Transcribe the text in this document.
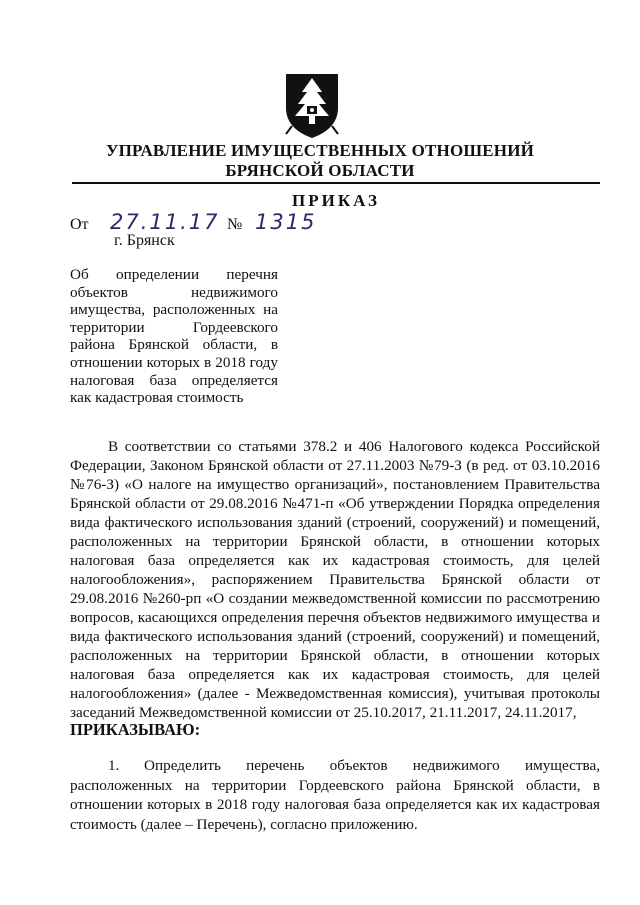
УПРАВЛЕНИЕ ИМУЩЕСТВЕННЫХ ОТНОШЕНИЙ
БРЯНСКОЙ ОБЛАСТИ
ПРИКАЗ
От 27.11.17 № 1315
г. Брянск
Об определении перечня объектов недвижимого имущества, расположенных на территории Гордеевского района Брянской области, в отношении которых в 2018 году налоговая база определяется как кадастровая стоимость
В соответствии со статьями 378.2 и 406 Налогового кодекса Российской Федерации, Законом Брянской области от 27.11.2003 №79-З (в ред. от 03.10.2016 №76-З) «О налоге на имущество организаций», постановлением Правительства Брянской области от 29.08.2016 №471-п «Об утверждении Порядка определения вида фактического использования зданий (строений, сооружений) и помещений, расположенных на территории Брянской области, в отношении которых налоговая база определяется как их кадастровая стоимость, для целей налогообложения», распоряжением Правительства Брянской области от 29.08.2016 №260-рп «О создании межведомственной комиссии по рассмотрению вопросов, касающихся определения перечня объектов недвижимого имущества и вида фактического использования зданий (строений, сооружений) и помещений, расположенных на территории Брянской области, в отношении которых налоговая база определяется как их кадастровая стоимость, для целей налогообложения» (далее - Межведомственная комиссия), учитывая протоколы заседаний Межведомственной комиссии от 25.10.2017, 21.11.2017, 24.11.2017,
ПРИКАЗЫВАЮ:
1. Определить перечень объектов недвижимого имущества, расположенных на территории Гордеевского района Брянской области, в отношении которых в 2018 году налоговая база определяется как их кадастровая стоимость (далее – Перечень), согласно приложению.
